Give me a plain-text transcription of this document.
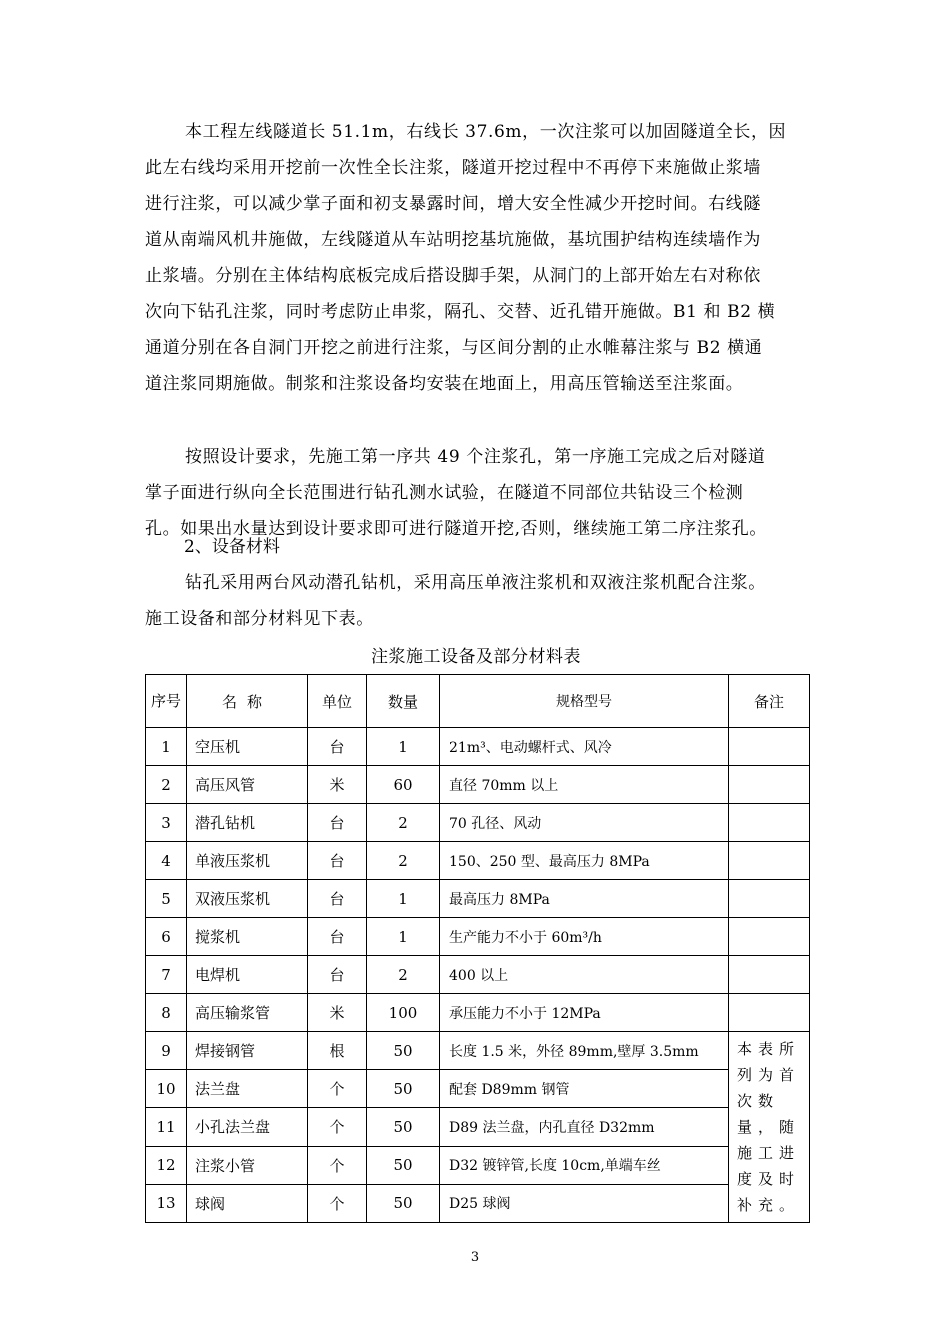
本工程左线隧道长 51.1m，右线长 37.6m，一次注浆可以加固隧道全长，因
此左右线均采用开挖前一次性全长注浆，隧道开挖过程中不再停下来施做止浆墙
进行注浆，可以减少掌子面和初支暴露时间，增大安全性减少开挖时间。右线隧
道从南端风机井施做，左线隧道从车站明挖基坑施做，基坑围护结构连续墙作为
止浆墙。分别在主体结构底板完成后搭设脚手架，从洞门的上部开始左右对称依
次向下钻孔注浆，同时考虑防止串浆，隔孔、交替、近孔错开施做。B1 和 B2 横
通道分别在各自洞门开挖之前进行注浆，与区间分割的止水帷幕注浆与 B2 横通
道注浆同期施做。制浆和注浆设备均安装在地面上，用高压管输送至注浆面。
按照设计要求，先施工第一序共 49 个注浆孔，第一序施工完成之后对隧道
掌子面进行纵向全长范围进行钻孔测水试验，在隧道不同部位共钻设三个检测
孔。如果出水量达到设计要求即可进行隧道开挖,否则，继续施工第二序注浆孔。
2、设备材料
钻孔采用两台风动潜孔钻机，采用高压单液注浆机和双液注浆机配合注浆。
施工设备和部分材料见下表。
注浆施工设备及部分材料表
序号	名称	单位	数量	规格型号	备注
1	空压机	台	1	21m³、电动螺杆式、风冷	
2	高压风管	米	60	直径 70mm 以上	
3	潜孔钻机	台	2	70 孔径、风动	
4	单液压浆机	台	2	150、250 型、最高压力 8MPa	
5	双液压浆机	台	1	最高压力 8MPa	
6	搅浆机	台	1	生产能力不小于 60m³/h	
7	电焊机	台	2	400 以上	
8	高压输浆管	米	100	承压能力不小于 12MPa	
9	焊接钢管	根	50	长度 1.5 米，外径 89mm,壁厚 3.5mm	本表所列为首次数量，随施工进度及时补充。
10	法兰盘	个	50	配套 D89mm 钢管	
11	小孔法兰盘	个	50	D89 法兰盘，内孔直径 D32mm	
12	注浆小管	个	50	D32 镀锌管,长度 10cm,单端车丝	
13	球阀	个	50	D25 球阀	
3
